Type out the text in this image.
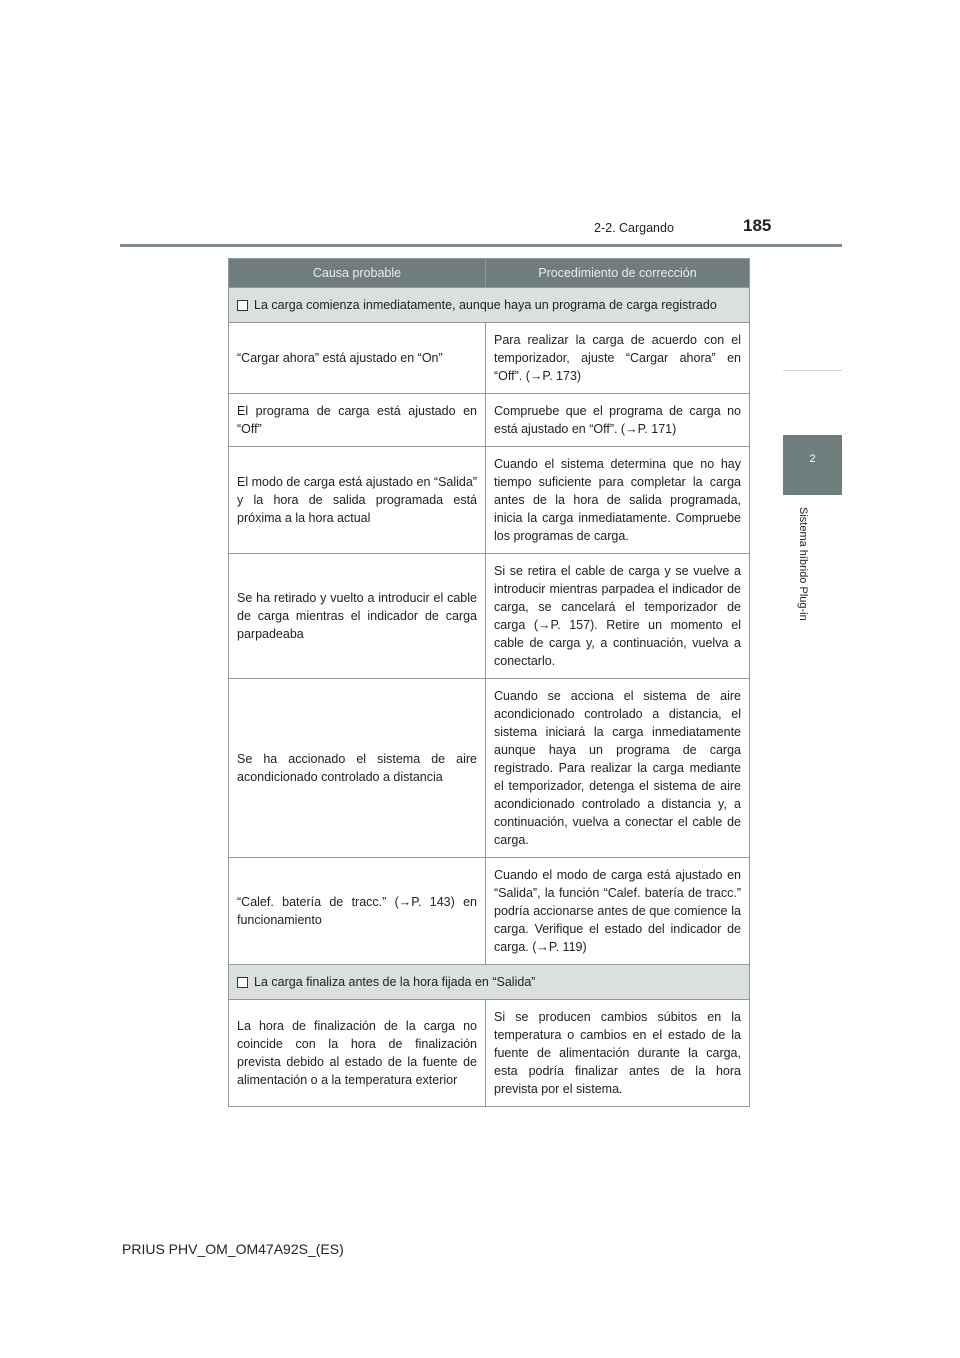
2-2. Cargando	185
2
Sistema híbrido Plug-in
Causa probable	Procedimiento de corrección

La carga comienza inmediatamente, aunque haya un programa de carga registrado	

“Cargar ahora” está ajustado en “On”	Para realizar la carga de acuerdo con el temporizador, ajuste “Cargar ahora” en “Off”. (→P. 173)
El programa de carga está ajustado en “Off”	Compruebe que el programa de carga no está ajustado en “Off”. (→P. 171)
El modo de carga está ajustado en “Salida” y la hora de salida programada está próxima a la hora actual	Cuando el sistema determina que no hay tiempo suficiente para completar la carga antes de la hora de salida programada, inicia la carga inmediatamente. Compruebe los programas de carga.
Se ha retirado y vuelto a introducir el cable de carga mientras el indicador de carga parpadeaba	Si se retira el cable de carga y se vuelve a introducir mientras parpadea el indicador de carga, se cancelará el temporizador de carga (→P. 157). Retire un momento el cable de carga y, a continuación, vuelva a conectarlo.
Se ha accionado el sistema de aire acondicionado controlado a distancia	Cuando se acciona el sistema de aire acondicionado controlado a distancia, el sistema iniciará la carga inmediatamente aunque haya un programa de carga registrado. Para realizar la carga mediante el temporizador, detenga el sistema de aire acondicionado controlado a distancia y, a continuación, vuelva a conectar el cable de carga.
“Calef. batería de tracc.” (→P. 143) en funcionamiento	Cuando el modo de carga está ajustado en “Salida”, la función “Calef. batería de tracc.” podría accionarse antes de que comience la carga. Verifique el estado del indicador de carga. (→P. 119)

La carga finaliza antes de la hora fijada en “Salida”	

La hora de finalización de la carga no coincide con la hora de finalización prevista debido al estado de la fuente de alimentación o a la temperatura exterior	Si se producen cambios súbitos en la temperatura o cambios en el estado de la fuente de alimentación durante la carga, esta podría finalizar antes de la hora prevista por el sistema.
PRIUS PHV_OM_OM47A92S_(ES)
